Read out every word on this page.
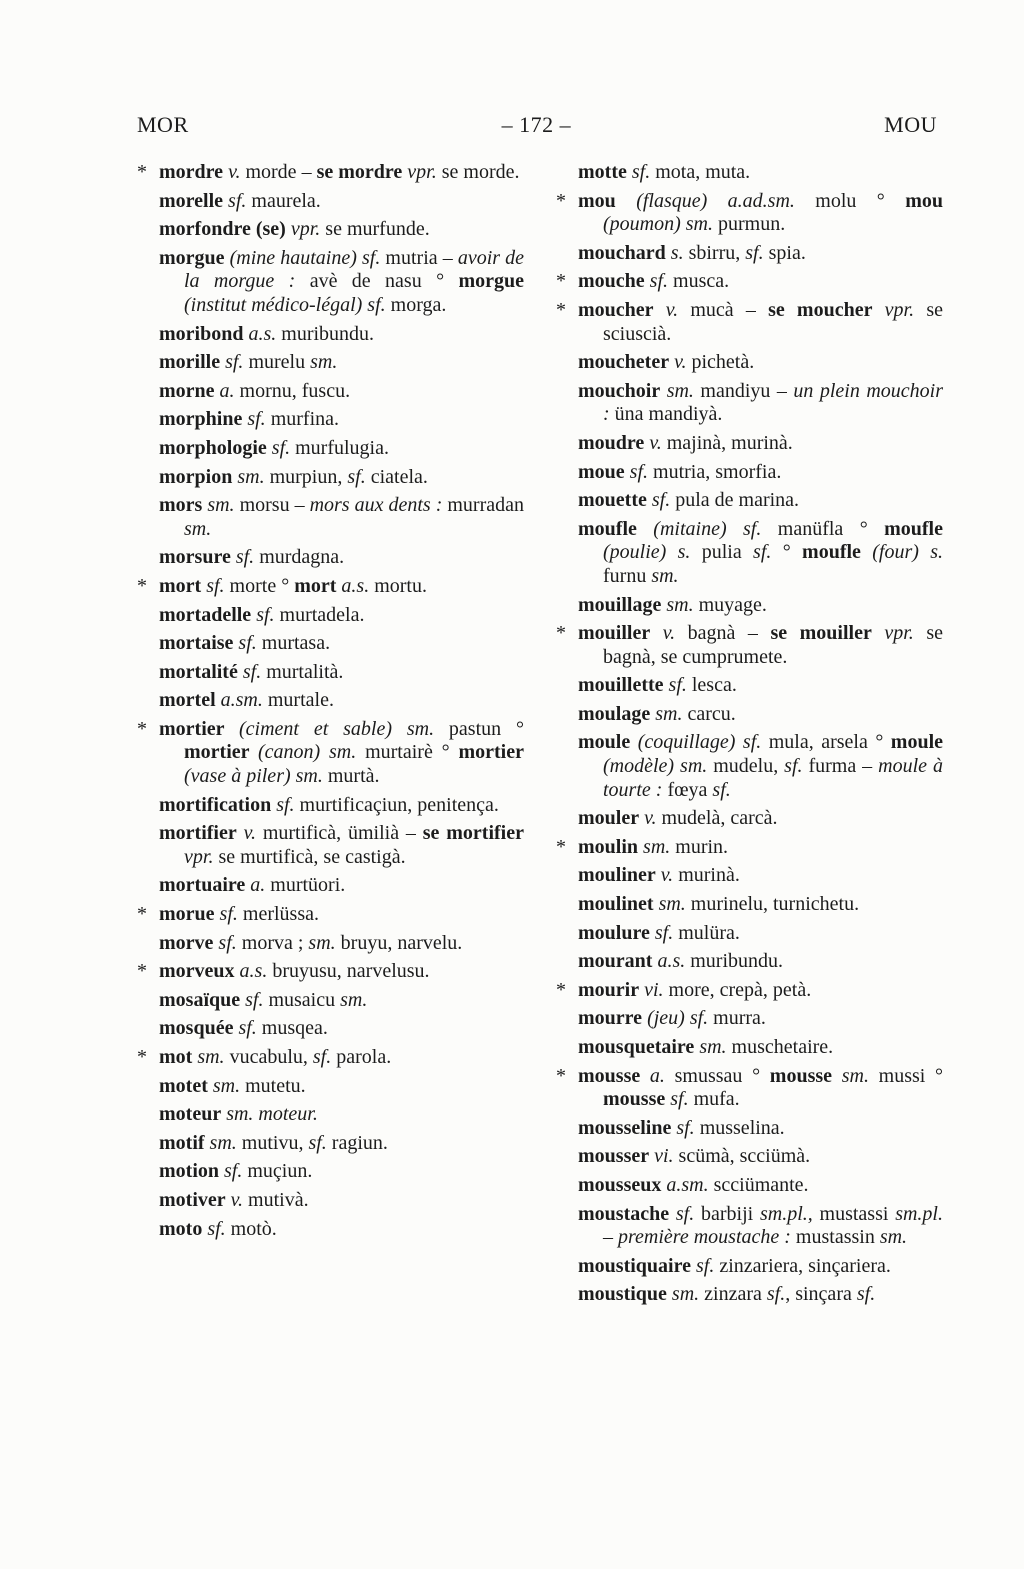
MOR	– 172 –	MOU
* mordre v. morde – se mordre vpr. se morde.
morelle sf. maurela.
morfondre (se) vpr. se murfunde.
morgue (mine hautaine) sf. mutria – avoir de la morgue : avè de nasu ° morgue (institut médico-légal) sf. morga.
moribond a.s. muribundu.
morille sf. murelu sm.
morne a. mornu, fuscu.
morphine sf. murfina.
morphologie sf. murfulugia.
morpion sm. murpiun, sf. ciatela.
mors sm. morsu – mors aux dents : murradan sm.
morsure sf. murdagna.
* mort sf. morte ° mort a.s. mortu.
mortadelle sf. murtadela.
mortaise sf. murtasa.
mortalité sf. murtalità.
mortel a.sm. murtale.
* mortier (ciment et sable) sm. pastun ° mortier (canon) sm. murtairè ° mortier (vase à piler) sm. murtà.
mortification sf. murtificaçiun, penitença.
mortifier v. murtificà, ümilià – se mortifier vpr. se murtificà, se castigà.
mortuaire a. murtüori.
* morue sf. merlüssa.
morve sf. morva ; sm. bruyu, narvelu.
* morveux a.s. bruyusu, narvelusu.
mosaïque sf. musaicu sm.
mosquée sf. musqea.
* mot sm. vucabulu, sf. parola.
motet sm. mutetu.
moteur sm. moteur.
motif sm. mutivu, sf. ragiun.
motion sf. muçiun.
motiver v. mutivà.
moto sf. motò.
motte sf. mota, muta.
* mou (flasque) a.ad.sm. molu ° mou (poumon) sm. purmun.
mouchard s. sbirru, sf. spia.
* mouche sf. musca.
* moucher v. mucà – se moucher vpr. se sciuscià.
moucheter v. pichetà.
mouchoir sm. mandiyu – un plein mouchoir : üna mandiyà.
moudre v. majinà, murinà.
moue sf. mutria, smorfia.
mouette sf. pula de marina.
moufle (mitaine) sf. manüfla ° moufle (poulie) s. pulia sf. ° moufle (four) s. furnu sm.
mouillage sm. muyage.
* mouiller v. bagnà – se mouiller vpr. se bagnà, se cumprumete.
mouillette sf. lesca.
moulage sm. carcu.
moule (coquillage) sf. mula, arsela ° moule (modèle) sm. mudelu, sf. furma – moule à tourte : fœya sf.
mouler v. mudelà, carcà.
* moulin sm. murin.
mouliner v. murinà.
moulinet sm. murinelu, turnichetu.
moulure sf. mulüra.
mourant a.s. muribundu.
* mourir vi. more, crepà, petà.
mourre (jeu) sf. murra.
mousquetaire sm. muschetaire.
* mousse a. smussau ° mousse sm. mussi ° mousse sf. mufa.
mousseline sf. musselina.
mousser vi. scümà, scciümà.
mousseux a.sm. scciümante.
moustache sf. barbiji sm.pl., mustassi sm.pl. – première moustache : mustassin sm.
moustiquaire sf. zinzariera, sinçariera.
moustique sm. zinzara sf., sinçara sf.
